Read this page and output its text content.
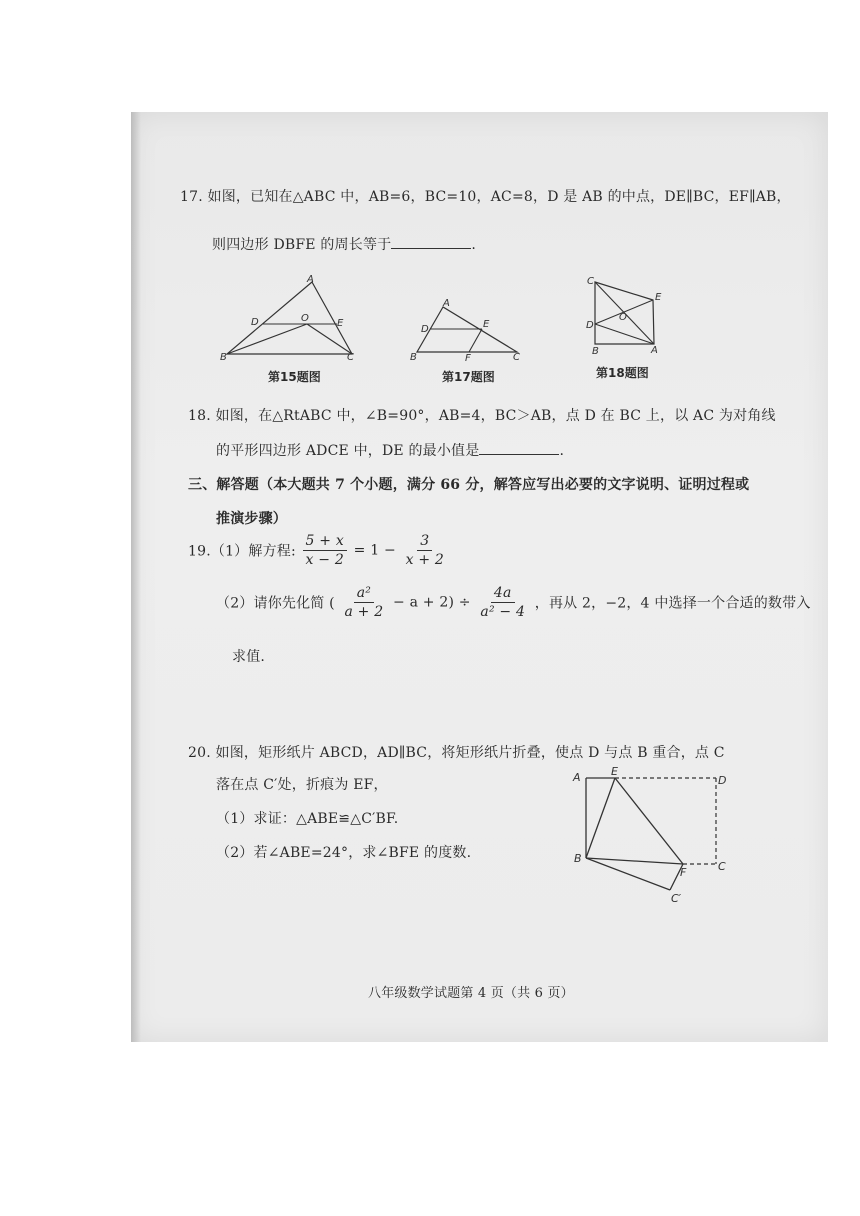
17. 如图，已知在△ABC 中，AB=6，BC=10，AC=8，D 是 AB 的中点，DE∥BC，EF∥AB，
则四边形 DBFE 的周长等于	.
A
D	O	E
B	C
第15题图
A
D	E
B	F	C
第17题图
C
E
D
O
B	A
第18题图
18. 如图，在△RtABC 中，∠B=90°，AB=4，BC＞AB，点 D 在 BC 上，以 AC 为对角线
的平形四边形 ADCE 中，DE 的最小值是	.
三、解答题（本大题共 7 个小题，满分 66 分，解答应写出必要的文字说明、证明过程或
推演步骤）
19.（1）解方程: $\frac{5 + x}{x - 2} = 1 - \frac{3}{x + 2}$
（2）请你先化简 ( $\frac{\text{a²}}{a + 2} - a + 2) \div \frac{4a}{\text{a² − 4}}$ ，再从 2，−2，4 中选择一个合适的数带入
求值.
20. 如图，矩形纸片 ABCD，AD∥BC，将矩形纸片折叠，使点 D 与点 B 重合，点 C
落在点 C′处，折痕为 EF，
（1）求证：△ABE≌△C′BF.
（2）若∠ABE=24°，求∠BFE 的度数.
A	E
D
B
F	C
C′
八年级数学试题第 4 页（共 6 页）
